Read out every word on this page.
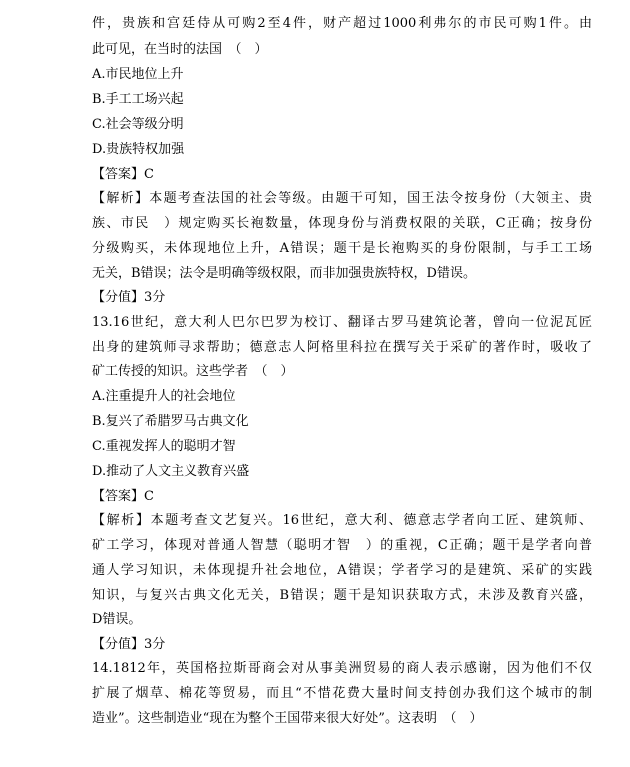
件，贵族和宫廷侍从可购2至4件，财产超过1000利弗尔的市民可购1件。由
此可见，在当时的法国　（　）
A.市民地位上升
B.手工工场兴起
C.社会等级分明
D.贵族特权加强
【答案】C
【解析】本题考查法国的社会等级。由题干可知，国王法令按身份（大领主、贵
族、市民　）规定购买长袍数量，体现身份与消费权限的关联，C正确；按身份
分级购买，未体现地位上升，A错误；题干是长袍购买的身份限制，与手工工场
无关，B错误；法令是明确等级权限，而非加强贵族特权，D错误。
【分值】3分
13.16世纪，意大利人巴尔巴罗为校订、翻译古罗马建筑论著，曾向一位泥瓦匠
出身的建筑师寻求帮助；德意志人阿格里科拉在撰写关于采矿的著作时，吸收了
矿工传授的知识。这些学者　（　）
A.注重提升人的社会地位
B.复兴了希腊罗马古典文化
C.重视发挥人的聪明才智
D.推动了人文主义教育兴盛
【答案】C
【解析】本题考查文艺复兴。16世纪，意大利、德意志学者向工匠、建筑师、
矿工学习，体现对普通人智慧（聪明才智　）的重视，C正确；题干是学者向普
通人学习知识，未体现提升社会地位，A错误；学者学习的是建筑、采矿的实践
知识，与复兴古典文化无关，B错误；题干是知识获取方式，未涉及教育兴盛，
D错误。
【分值】3分
14.1812年，英国格拉斯哥商会对从事美洲贸易的商人表示感谢，因为他们不仅
扩展了烟草、棉花等贸易，而且“不惜花费大量时间支持创办我们这个城市的制
造业”。这些制造业“现在为整个王国带来很大好处”。这表明　（　）
